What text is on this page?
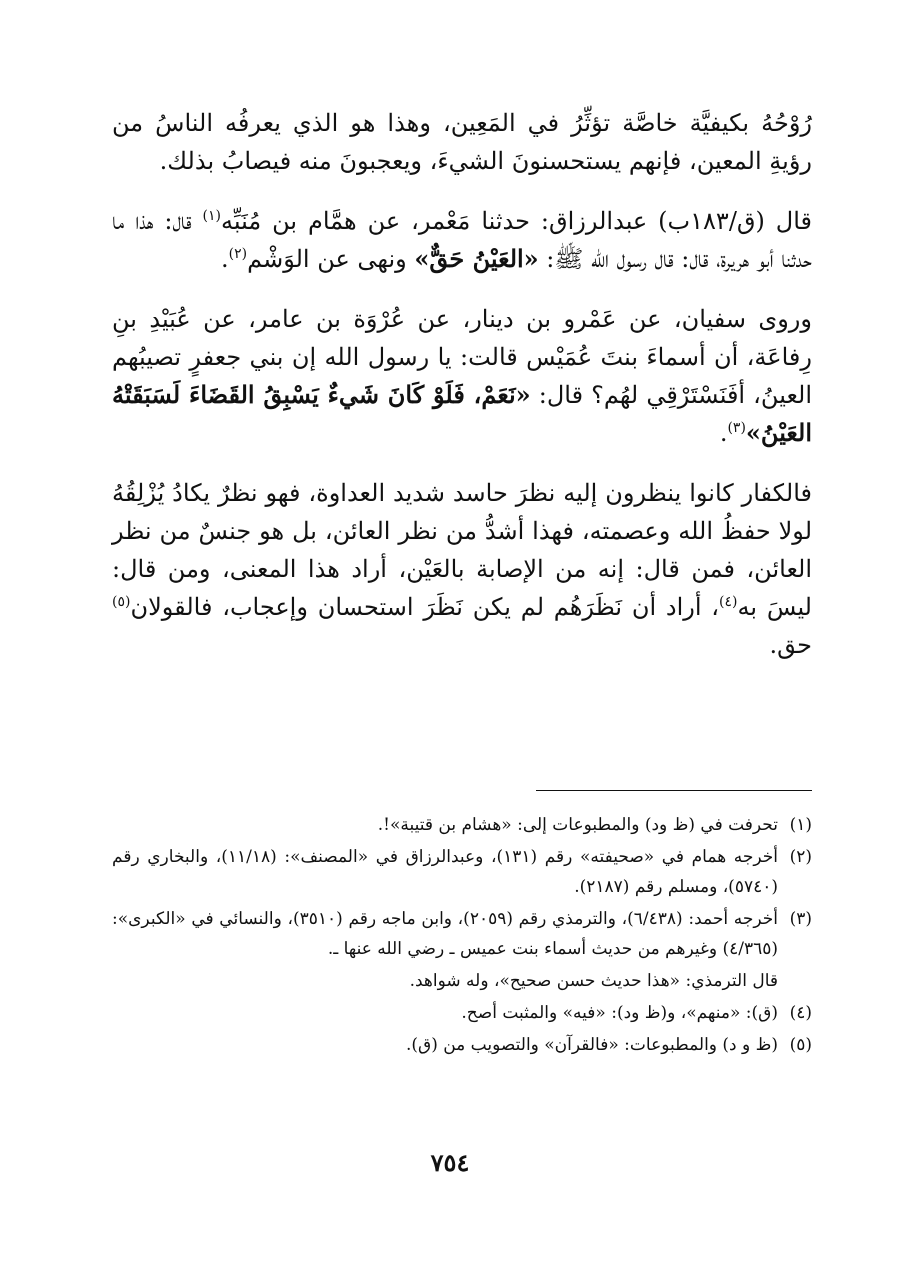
رُوْحُهُ بكيفيَّة خاصَّة تؤثِّرُ في المَعِين، وهذا هو الذي يعرفُه الناسُ من رؤيةِ المعين، فإنهم يستحسنونَ الشيءَ، ويعجبونَ منه فيصابُ بذلك.

قال (ق/١٨٣ب) عبدالرزاق: حدثنا مَعْمر، عن همَّام بن مُنَبِّه$^{(١)}$ قال: هذا ما حدثنا أبو هريرة، قال: قال رسول الله ﷺ: «العَيْنُ حَقٌّ» ونهى عن الوَشْم$^{(٢)}$.

وروى سفيان، عن عَمْرو بن دينار، عن عُرْوَة بن عامر، عن عُبَيْدِ بنِ رِفاعَة، أن أسماءَ بنتَ عُمَيْس قالت: يا رسول الله إن بني جعفرٍ تصيبُهم العينُ، أفَنَسْتَرْقِي لهُم؟ قال: «نَعَمْ، فَلَوْ كَانَ شَيءٌ يَسْبِقُ القَضَاءَ لَسَبَقَتْهُ العَيْنُ»$^{(٣)}$.

فالكفار كانوا ينظرون إليه نظرَ حاسد شديد العداوة، فهو نظرٌ يكادُ يُزْلِقُهُ لولا حفظُ الله وعصمته، فهذا أشدُّ من نظر العائن، بل هو جنسٌ من نظر العائن، فمن قال: إنه من الإصابة بالعَيْن، أراد هذا المعنى، ومن قال: ليسَ به$^{(٤)}$، أراد أن نَظَرَهُم لم يكن نَظَرَ استحسان وإعجاب، فالقولان$^{(٥)}$ حق.

(١)
تحرفت في (ظ ود) والمطبوعات إلى: «هشام بن قتيبة»!.
(٢)
أخرجه همام في «صحيفته» رقم (١٣١)، وعبدالرزاق في «المصنف»: (١١/١٨)، والبخاري رقم (٥٧٤٠)، ومسلم رقم (٢١٨٧).
(٣)
أخرجه أحمد: (٦/٤٣٨)، والترمذي رقم (٢٠٥٩)، وابن ماجه رقم (٣٥١٠)، والنسائي في «الكبرى»: (٤/٣٦٥) وغيرهم من حديث أسماء بنت عميس ـ رضي الله عنها ـ.
قال الترمذي: «هذا حديث حسن صحيح»، وله شواهد.
(٤)
(ق): «منهم»، و(ظ ود): «فيه» والمثبت أصح.
(٥)
(ظ و د) والمطبوعات: «فالقرآن» والتصويب من (ق).
٧٥٤
